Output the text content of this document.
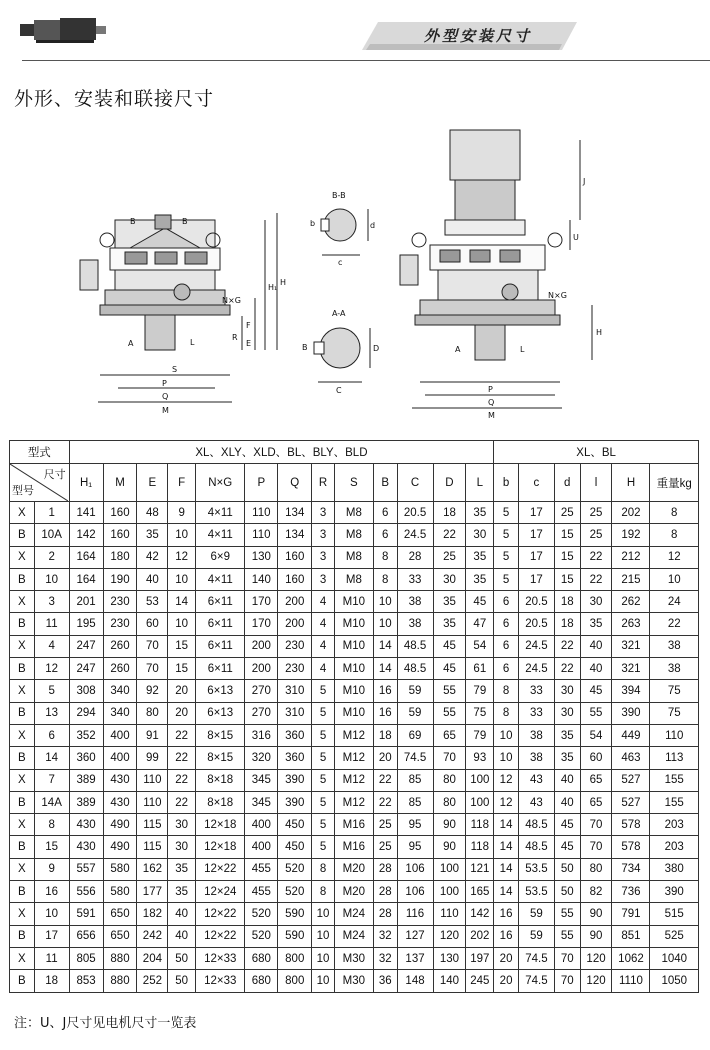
外型安装尺寸
外形、安装和联接尺寸
B	B
H₁
H
N×G
F
R
E
A	L
S
P
Q
M
B-B
b	d
c
A-A
B	D
C
J
U
N×G
H
A	L
P
Q
M
型式		XL、XLY、XLD、BL、BLY、BLD													XL、BL					

尺寸
型号		H₁	M	E	F	N×G	P	Q	R	S	B	C	D	L	b	c	d	l	H	重量kg
X	1	141	160	48	9	4×11	110	134	3	M8	6	20.5	18	35	5	17	25	25	202	8
B	10A	142	160	35	10	4×11	110	134	3	M8	6	24.5	22	30	5	17	15	25	192	8
X	2	164	180	42	12	6×9	130	160	3	M8	8	28	25	35	5	17	15	22	212	12
B	10	164	190	40	10	4×11	140	160	3	M8	8	33	30	35	5	17	15	22	215	10
X	3	201	230	53	14	6×11	170	200	4	M10	10	38	35	45	6	20.5	18	30	262	24
B	11	195	230	60	10	6×11	170	200	4	M10	10	38	35	47	6	20.5	18	35	263	22
X	4	247	260	70	15	6×11	200	230	4	M10	14	48.5	45	54	6	24.5	22	40	321	38
B	12	247	260	70	15	6×11	200	230	4	M10	14	48.5	45	61	6	24.5	22	40	321	38
X	5	308	340	92	20	6×13	270	310	5	M10	16	59	55	79	8	33	30	45	394	75
B	13	294	340	80	20	6×13	270	310	5	M10	16	59	55	75	8	33	30	55	390	75
X	6	352	400	91	22	8×15	316	360	5	M12	18	69	65	79	10	38	35	54	449	110
B	14	360	400	99	22	8×15	320	360	5	M12	20	74.5	70	93	10	38	35	60	463	113
X	7	389	430	110	22	8×18	345	390	5	M12	22	85	80	100	12	43	40	65	527	155
B	14A	389	430	110	22	8×18	345	390	5	M12	22	85	80	100	12	43	40	65	527	155
X	8	430	490	115	30	12×18	400	450	5	M16	25	95	90	118	14	48.5	45	70	578	203
B	15	430	490	115	30	12×18	400	450	5	M16	25	95	90	118	14	48.5	45	70	578	203
X	9	557	580	162	35	12×22	455	520	8	M20	28	106	100	121	14	53.5	50	80	734	380
B	16	556	580	177	35	12×24	455	520	8	M20	28	106	100	165	14	53.5	50	82	736	390
X	10	591	650	182	40	12×22	520	590	10	M24	28	116	110	142	16	59	55	90	791	515
B	17	656	650	242	40	12×22	520	590	10	M24	32	127	120	202	16	59	55	90	851	525
X	11	805	880	204	50	12×33	680	800	10	M30	32	137	130	197	20	74.5	70	120	1062	1040
B	18	853	880	252	50	12×33	680	800	10	M30	36	148	140	245	20	74.5	70	120	1110	1050
注：U、J尺寸见电机尺寸一览表
